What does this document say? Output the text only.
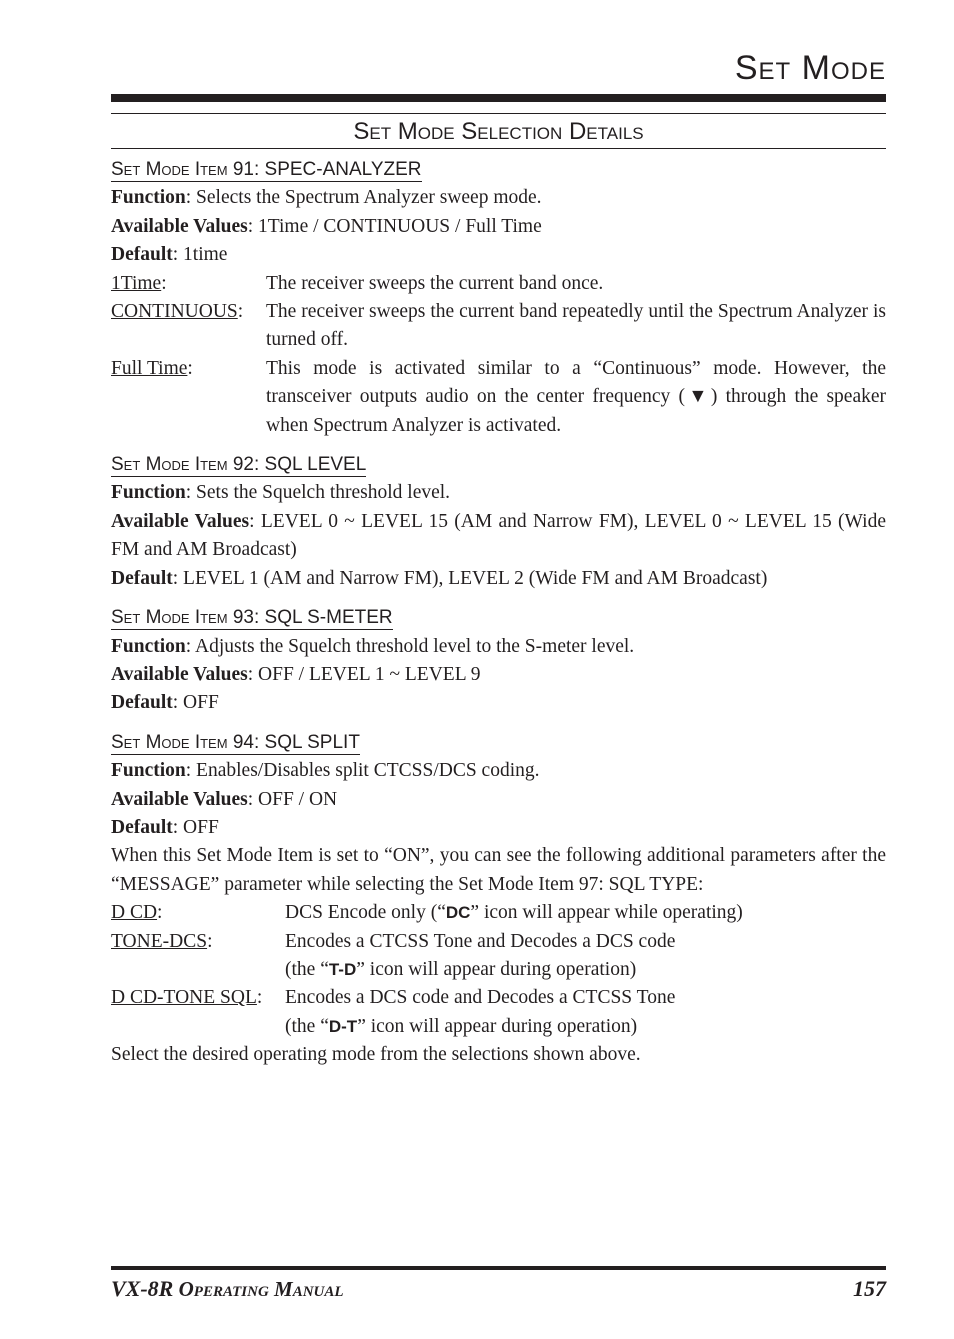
Set Mode
Set Mode Selection Details
Set Mode Item 91: SPEC-ANALYZER
Function: Selects the Spectrum Analyzer sweep mode.
Available Values: 1Time / CONTINUOUS / Full Time
Default: 1time
1Time:	The receiver sweeps the current band once.
CONTINUOUS:	The receiver sweeps the current band repeatedly until the Spectrum Analyzer is turned off.
Full Time:	This mode is activated similar to a “Continuous” mode. However, the transceiver outputs audio on the center frequency (▼) through the speaker when Spectrum Analyzer is activated.
Set Mode Item 92: SQL LEVEL
Function: Sets the Squelch threshold level.
Available Values: LEVEL 0 ~ LEVEL 15 (AM and Narrow FM), LEVEL 0 ~ LEVEL 15 (Wide FM and AM Broadcast)
Default: LEVEL 1 (AM and Narrow FM), LEVEL 2 (Wide FM and AM Broadcast)
Set Mode Item 93: SQL S-METER
Function: Adjusts the Squelch threshold level to the S-meter level.
Available Values: OFF / LEVEL 1 ~ LEVEL 9
Default: OFF
Set Mode Item 94: SQL SPLIT
Function: Enables/Disables split CTCSS/DCS coding.
Available Values: OFF / ON
Default: OFF
When this Set Mode Item is set to “ON”, you can see the following additional parameters after the “MESSAGE” parameter while selecting the Set Mode Item 97: SQL TYPE:
D CD:	DCS Encode only (“DC” icon will appear while operating)
TONE-DCS:	Encodes a CTCSS Tone and Decodes a DCS code
(the “T-D” icon will appear during operation)
D CD-TONE SQL:	Encodes a DCS code and Decodes a CTCSS Tone
(the “D-T” icon will appear during operation)
Select the desired operating mode from the selections shown above.
VX-8R Operating Manual	157
